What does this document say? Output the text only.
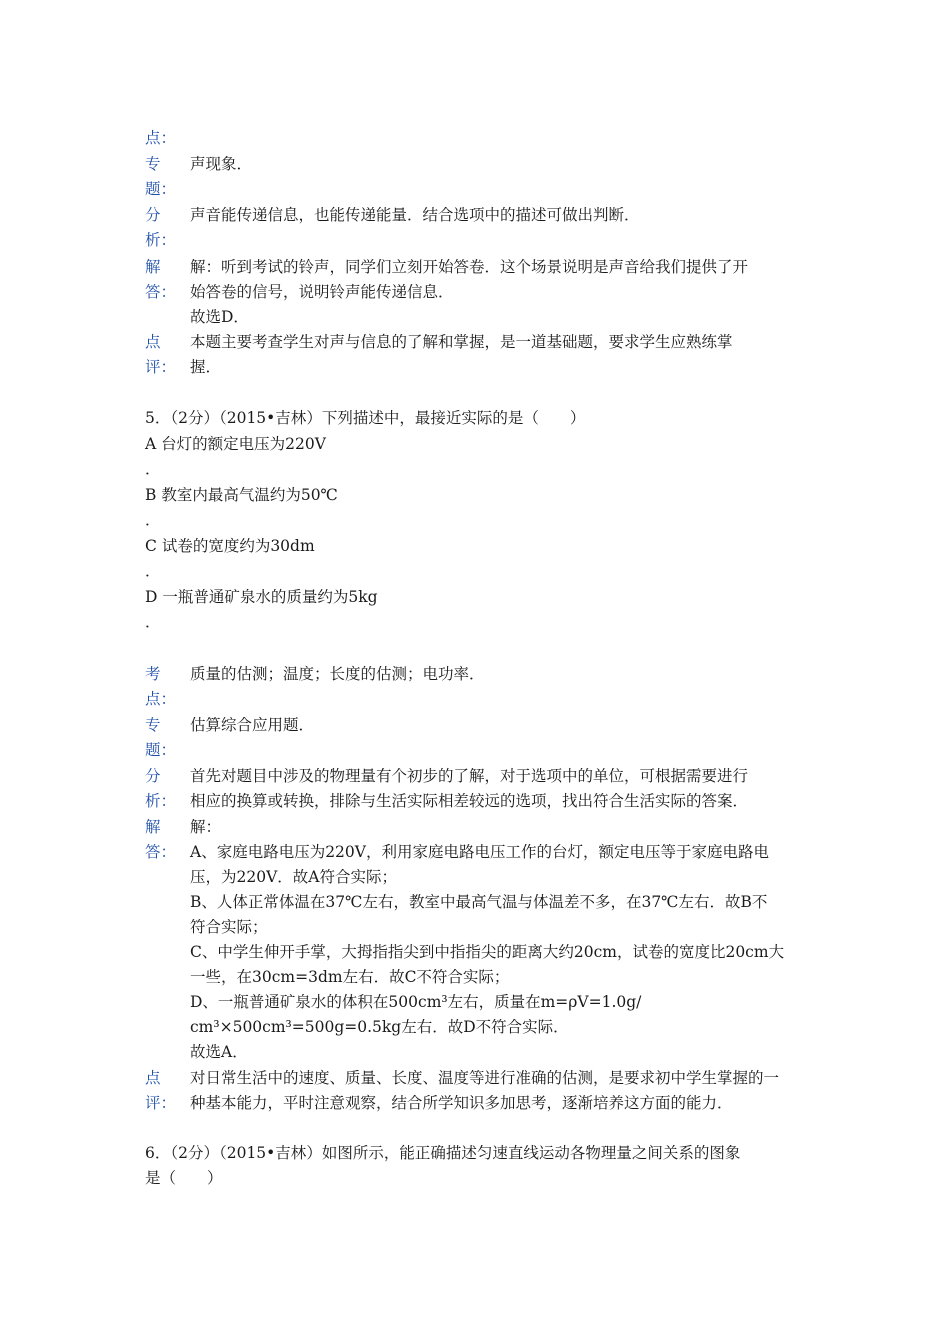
点：
专
题：
声现象．
分
析：
声音能传递信息，也能传递能量．结合选项中的描述可做出判断．
解
答：
解：听到考试的铃声，同学们立刻开始答卷．这个场景说明是声音给我们提供了开
始答卷的信号，说明铃声能传递信息．
故选D．
点
评：
本题主要考查学生对声与信息的了解和掌握，是一道基础题，要求学生应熟练掌
握．
5．（2分）（2015•吉林）下列描述中，最接近实际的是（　　）
A 台灯的额定电压为220V
．
B 教室内最高气温约为50℃
．
C 试卷的宽度约为30dm
．
D 一瓶普通矿泉水的质量约为5kg
．
考
点：
质量的估测；温度；长度的估测；电功率．
专
题：
估算综合应用题．
分
析：
首先对题目中涉及的物理量有个初步的了解，对于选项中的单位，可根据需要进行
相应的换算或转换，排除与生活实际相差较远的选项，找出符合生活实际的答案．
解
答：
解：
A、家庭电路电压为220V，利用家庭电路电压工作的台灯，额定电压等于家庭电路电
压，为220V．故A符合实际；
B、人体正常体温在37℃左右，教室中最高气温与体温差不多，在37℃左右．故B不
符合实际；
C、中学生伸开手掌，大拇指指尖到中指指尖的距离大约20cm，试卷的宽度比20cm大
一些，在30cm=3dm左右．故C不符合实际；
D、一瓶普通矿泉水的体积在500cm³左右，质量在m=ρV=1.0g/
cm³×500cm³=500g=0.5kg左右．故D不符合实际．
故选A．
点
评：
对日常生活中的速度、质量、长度、温度等进行准确的估测，是要求初中学生掌握的一
种基本能力，平时注意观察，结合所学知识多加思考，逐渐培养这方面的能力．
6．（2分）（2015•吉林）如图所示，能正确描述匀速直线运动各物理量之间关系的图象
是（　　）
